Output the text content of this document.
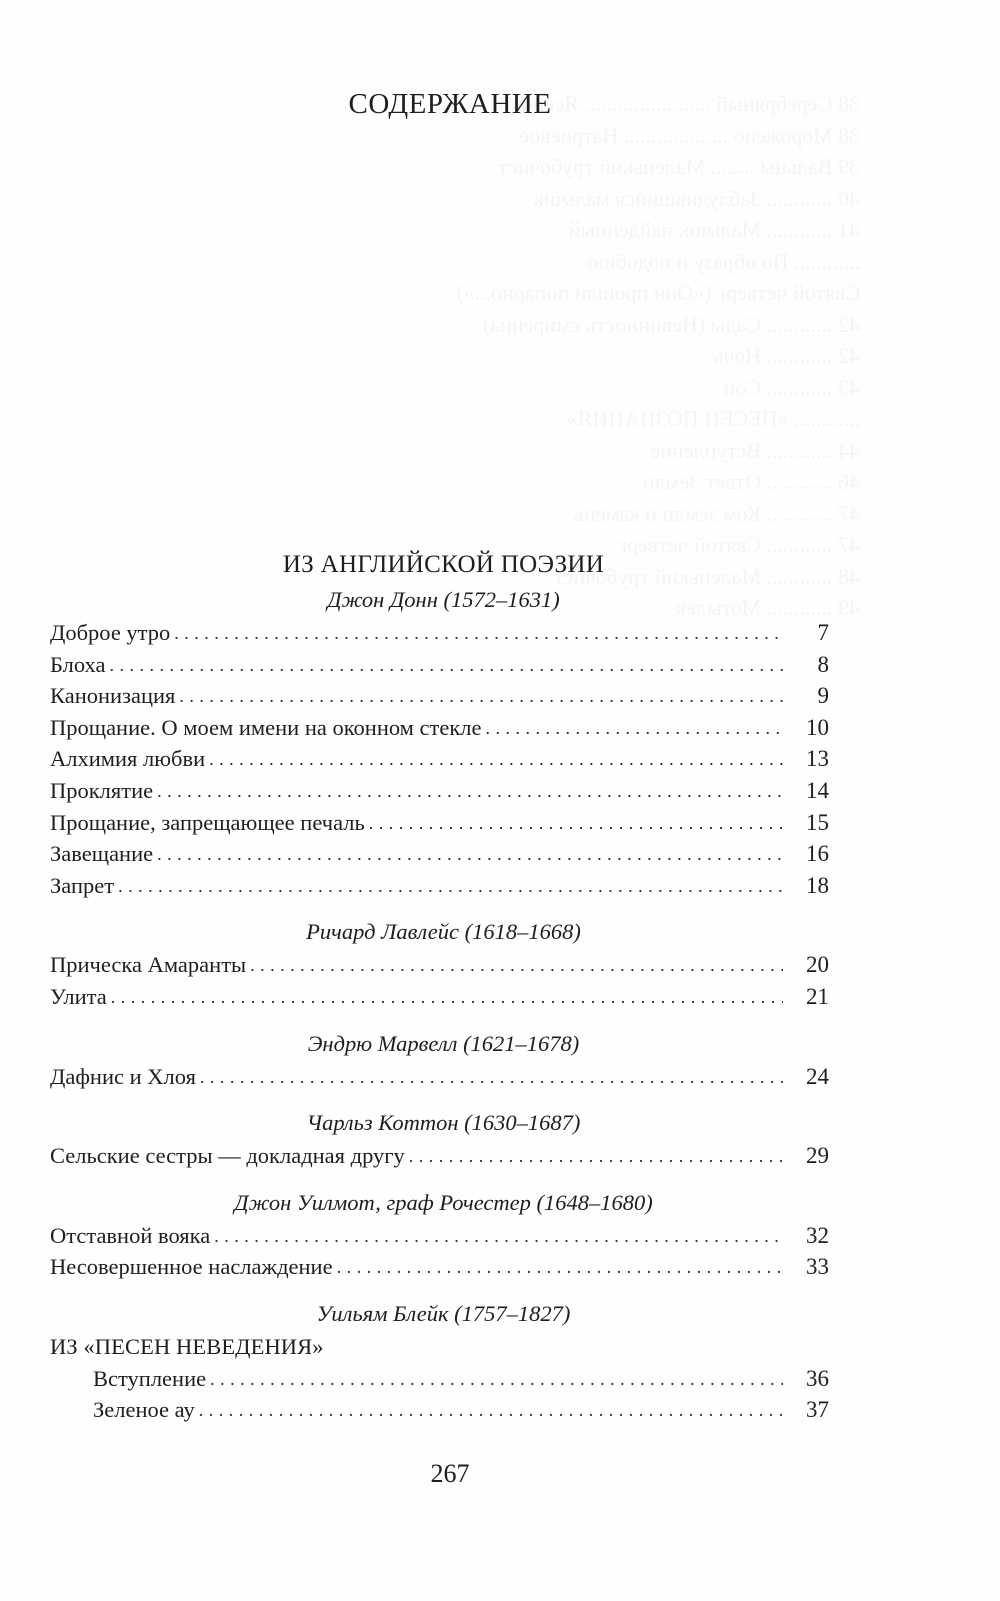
СОДЕРЖАНИЕ
ИЗ АНГЛИЙСКОЙ ПОЭЗИИ
Джон Донн (1572–1631)
Доброе утро . . .	7
Блоха . . .	8
Канонизация . . .	9
Прощание. О моем имени на оконном стекле . . .	10
Алхимия любви . . .	13
Проклятие . . .	14
Прощание, запрещающее печаль . . .	15
Завещание . . .	16
Запрет . . .	18
Ричард Лавлейс (1618–1668)
Прическа Амаранты . . .	20
Улита . . .	21
Эндрю Марвелл (1621–1678)
Дафнис и Хлоя . . .	24
Чарльз Коттон (1630–1687)
Сельские сестры — докладная другу . . .	29
Джон Уилмот, граф Рочестер (1648–1680)
Отставной вояка . . .	32
Несовершенное наслаждение . . .	33
Уильям Блейк (1757–1827)
ИЗ «ПЕСЕН НЕВЕДЕНИЯ»
Вступление . . .	36
Зеленое ау . . .	37
267
